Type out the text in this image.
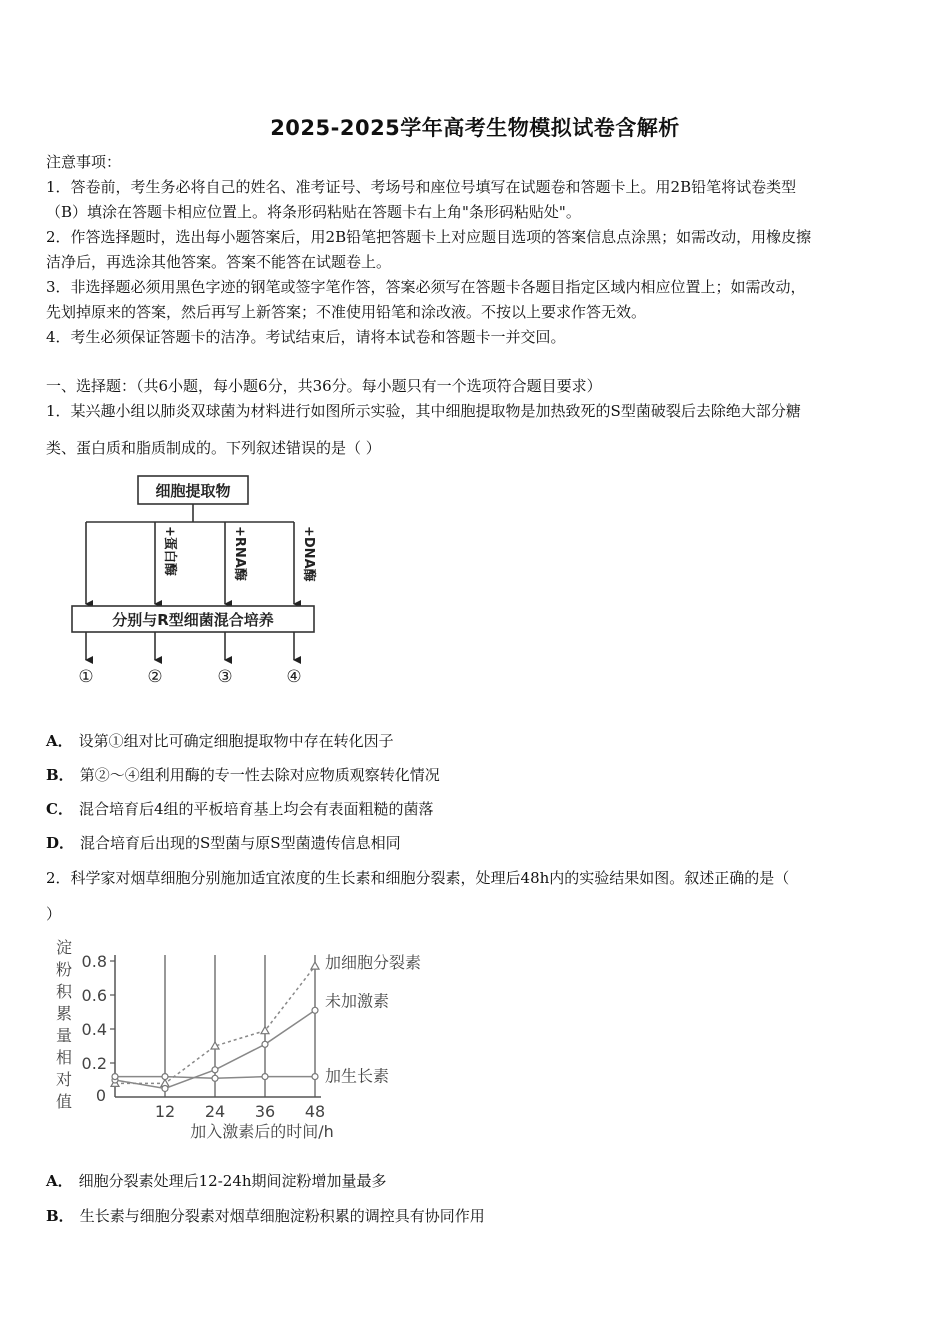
2025-2025学年高考生物模拟试卷含解析
注意事项：
1．答卷前，考生务必将自己的姓名、准考证号、考场号和座位号填写在试题卷和答题卡上。用2B铅笔将试卷类型
（B）填涂在答题卡相应位置上。将条形码粘贴在答题卡右上角"条形码粘贴处"。
2．作答选择题时，选出每小题答案后，用2B铅笔把答题卡上对应题目选项的答案信息点涂黑；如需改动，用橡皮擦
洁净后，再选涂其他答案。答案不能答在试题卷上。
3．非选择题必须用黑色字迹的钢笔或签字笔作答，答案必须写在答题卡各题目指定区域内相应位置上；如需改动，
先划掉原来的答案，然后再写上新答案；不准使用铅笔和涂改液。不按以上要求作答无效。
4．考生必须保证答题卡的洁净。考试结束后，请将本试卷和答题卡一并交回。
一、选择题：（共6小题，每小题6分，共36分。每小题只有一个选项符合题目要求）
1．某兴趣小组以肺炎双球菌为材料进行如图所示实验，其中细胞提取物是加热致死的S型菌破裂后去除绝大部分糖
类、蛋白质和脂质制成的。下列叙述错误的是（ ）
细胞提取物
+蛋白酶	+RNA酶	+DNA酶
分别与R型细菌混合培养
①	②	③	④
A． 设第①组对比可确定细胞提取物中存在转化因子
B． 第②～④组利用酶的专一性去除对应物质观察转化情况
C． 混合培育后4组的平板培育基上均会有表面粗糙的菌落
D． 混合培育后出现的S型菌与原S型菌遗传信息相同
2．科学家对烟草细胞分别施加适宜浓度的生长素和细胞分裂素，处理后48h内的实验结果如图。叙述正确的是（
）
淀
粉
积
累
量
相
对
值
0.2
0.4
0.6
0.8
0
12 24 36 48
加细胞分裂素
未加激素
加生长素
加入激素后的时间/h
A． 细胞分裂素处理后12-24h期间淀粉增加量最多
B． 生长素与细胞分裂素对烟草细胞淀粉积累的调控具有协同作用
